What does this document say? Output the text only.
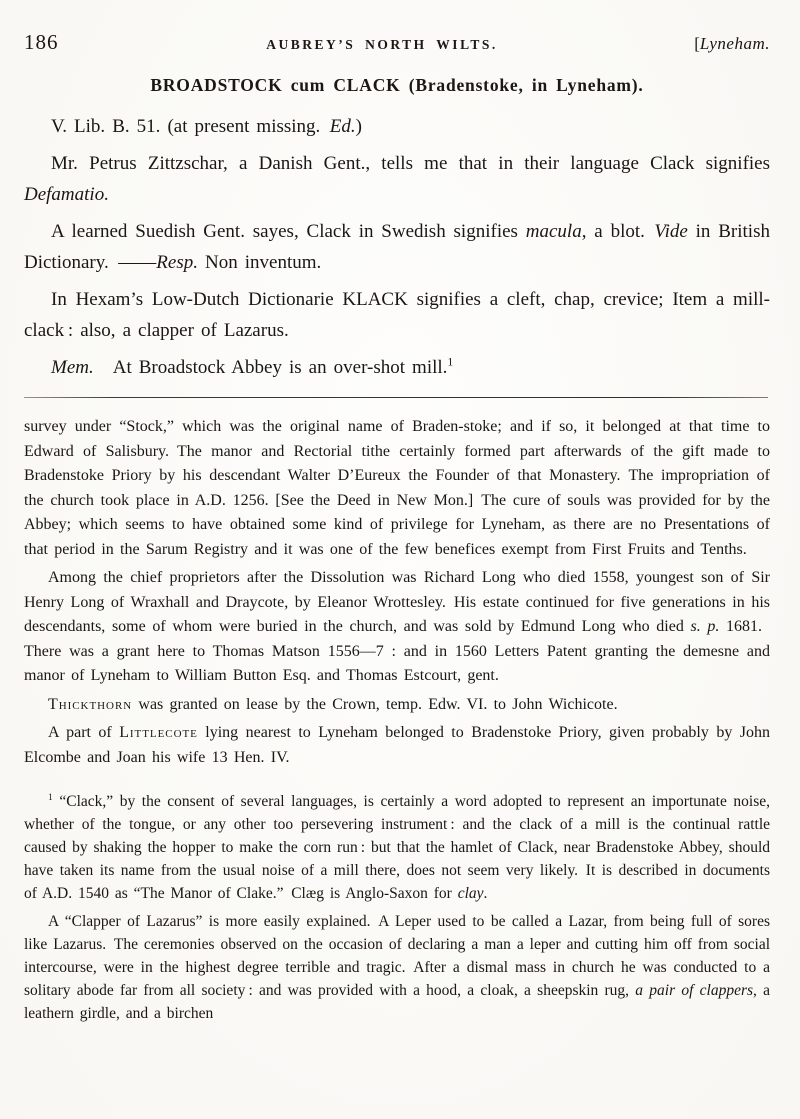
186	AUBREY’S NORTH WILTS.	[Lyneham.
BROADSTOCK cum CLACK (Bradenstoke, in Lyneham).

V. Lib. B. 51. (at present missing. Ed.)

Mr. Petrus Zittzschar, a Danish Gent., tells me that in their language Clack signifies Defamatio.

A learned Suedish Gent. sayes, Clack in Swedish signifies macula, a blot. Vide in British Dictionary. ——Resp. Non inventum.

In Hexam’s Low-Dutch Dictionarie KLACK signifies a cleft, chap, crevice; Item a mill-clack : also, a clapper of Lazarus.

Mem. At Broadstock Abbey is an over-shot mill.$^1$

survey under “Stock,” which was the original name of Braden-stoke; and if so, it belonged at that time to Edward of Salisbury. The manor and Rectorial tithe certainly formed part afterwards of the gift made to Bradenstoke Priory by his descendant Walter D’Eureux the Founder of that Monastery. The impropriation of the church took place in A.D. 1256. [See the Deed in New Mon.] The cure of souls was provided for by the Abbey; which seems to have obtained some kind of privilege for Lyneham, as there are no Presentations of that period in the Sarum Registry and it was one of the few benefices exempt from First Fruits and Tenths.

Among the chief proprietors after the Dissolution was Richard Long who died 1558, youngest son of Sir Henry Long of Wraxhall and Draycote, by Eleanor Wrottesley. His estate continued for five generations in his descendants, some of whom were buried in the church, and was sold by Edmund Long who died s. p. 1681. There was a grant here to Thomas Matson 1556—7 : and in 1560 Letters Patent granting the demesne and manor of Lyneham to William Button Esq. and Thomas Estcourt, gent.

Thickthorn was granted on lease by the Crown, temp. Edw. VI. to John Wichicote.

A part of Littlecote lying nearest to Lyneham belonged to Bradenstoke Priory, given probably by John Elcombe and Joan his wife 13 Hen. IV.

$^1$ “Clack,” by the consent of several languages, is certainly a word adopted to represent an importunate noise, whether of the tongue, or any other too persevering instrument : and the clack of a mill is the continual rattle caused by shaking the hopper to make the corn run : but that the hamlet of Clack, near Bradenstoke Abbey, should have taken its name from the usual noise of a mill there, does not seem very likely. It is described in documents of A.D. 1540 as “The Manor of Clake.” Clæg is Anglo-Saxon for clay.

A “Clapper of Lazarus” is more easily explained. A Leper used to be called a Lazar, from being full of sores like Lazarus. The ceremonies observed on the occasion of declaring a man a leper and cutting him off from social intercourse, were in the highest degree terrible and tragic. After a dismal mass in church he was conducted to a solitary abode far from all society : and was provided with a hood, a cloak, a sheepskin rug, a pair of clappers, a leathern girdle, and a birchen
